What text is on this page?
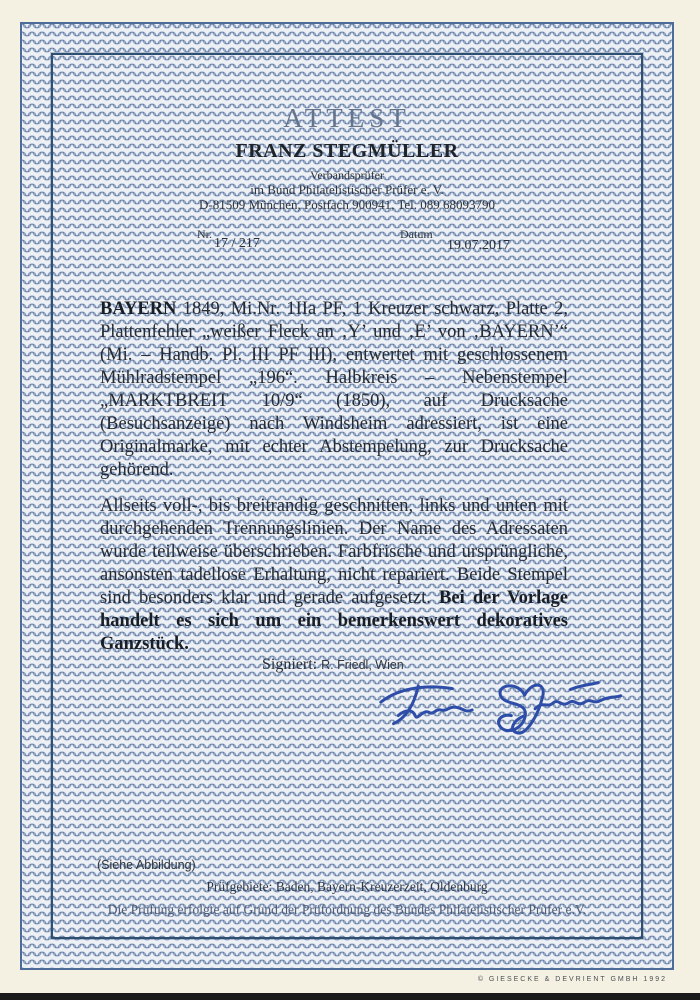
ATTEST
FRANZ STEGMÜLLER
Verbandsprüfer
im Bund Philatelistischer Prüfer e. V.
D-81509 München, Postfach 900941, Tel. 089 68093790
Nr.
17 / 217
Datum
19.07.2017
BAYERN 1849, Mi.Nr. 1IIa PF, 1 Kreuzer schwarz, Platte 2, Plattenfehler „weißer Fleck an ‚Y’ und ‚E’ von ‚BAYERN’“ (Mi. – Handb. Pl. III PF III), entwertet mit geschlossenem Mühlradstempel „196“. Halbkreis – Nebenstempel „MARKTBREIT 10/9“ (1850), auf Drucksache (Besuchsanzeige) nach Windsheim adressiert, ist eine Originalmarke, mit echter Abstempelung, zur Drucksache gehörend.
Allseits voll-, bis breitrandig geschnitten, links und unten mit durchgehenden Trennungslinien. Der Name des Adressaten wurde teilweise überschrieben. Farbfrische und ursprüngliche, ansonsten tadellose Erhaltung, nicht repariert. Beide Stempel sind besonders klar und gerade aufgesetzt. Bei der Vorlage handelt es sich um ein bemerkenswert dekoratives Ganzstück.
Signiert: R. Friedl, Wien
(Siehe Abbildung)
Prüfgebiete: Baden, Bayern-Kreuzerzeit, Oldenburg
Die Prüfung erfolgte auf Grund der Prüfordnung des Bundes Philatelistischer Prüfer e.V.
© GIESECKE & DEVRIENT GMBH 1992
